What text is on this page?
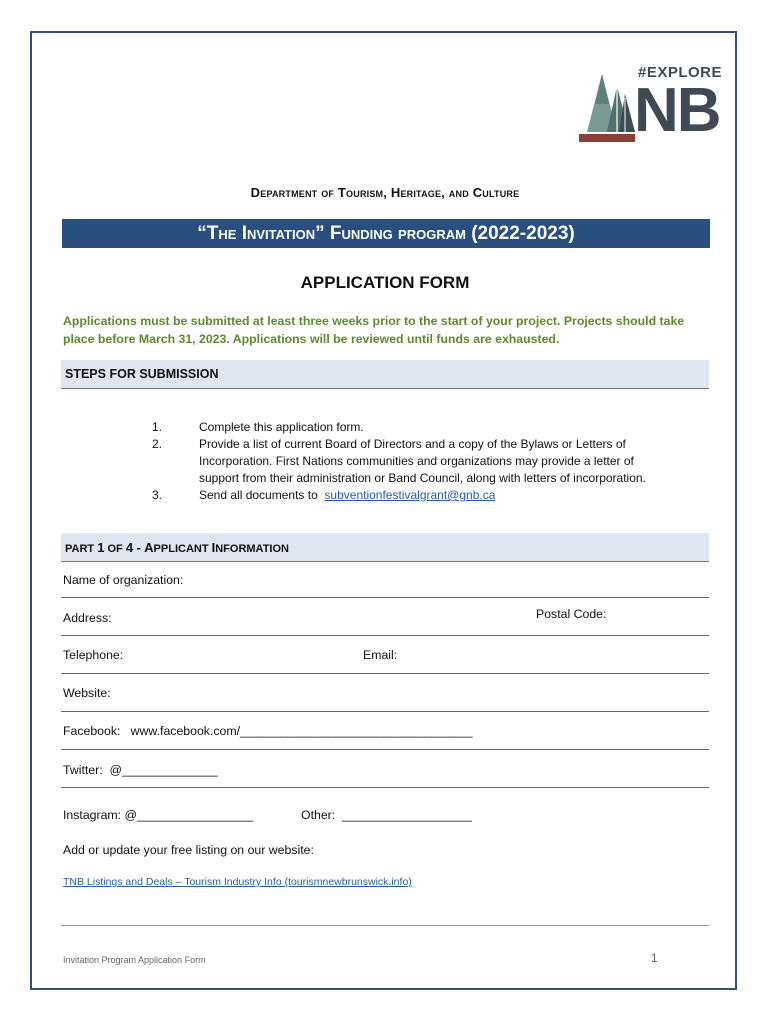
#EXPLORE
NB
Department of Tourism, Heritage, and Culture
“The Invitation” Funding program (2022-2023)
APPLICATION FORM
Applications must be submitted at least three weeks prior to the start of your project. Projects should take
place before March 31, 2023. Applications will be reviewed until funds are exhausted.
STEPS FOR SUBMISSION
1.	Complete this application form.
2.	Provide a list of current Board of Directors and a copy of the Bylaws or Letters of
Incorporation. First Nations communities and organizations may provide a letter of
support from their administration or Band Council, along with letters of incorporation.
3.	Send all documents to  subventionfestivalgrant@gnb.ca
PART 1 OF 4 - APPLICANT INFORMATION
Name of organization:
Address:	Postal Code:
Telephone:	Email:
Website:
Facebook:   www.facebook.com/__________________________________
Twitter:  @______________
Instagram: @_________________	Other:  ___________________
Add or update your free listing on our website:
TNB Listings and Deals – Tourism Industry Info (tourismnewbrunswick.info)
Invitation Program Application Form	1
